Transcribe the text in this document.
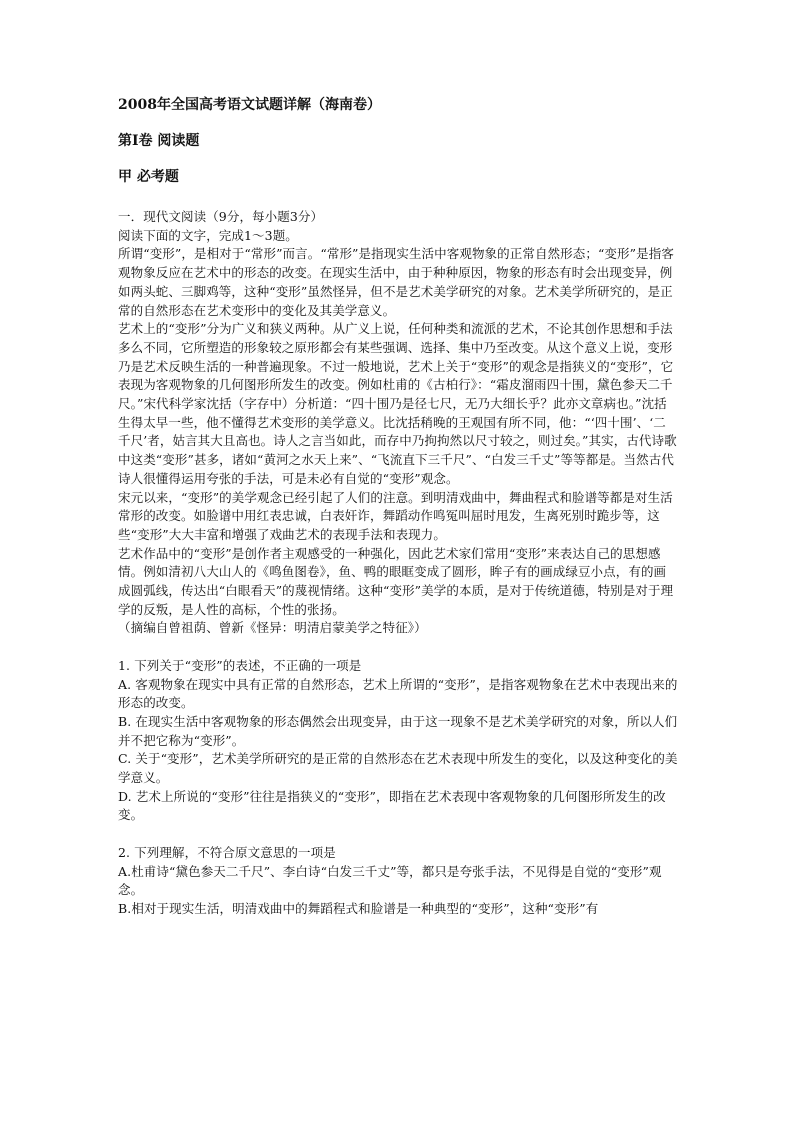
2008年全国高考语文试题详解（海南卷）
第Ⅰ卷 阅读题
甲 必考题

一．现代文阅读（9分，每小题3分）

阅读下面的文字，完成1～3题。

所谓“变形”，是相对于“常形”而言。“常形”是指现实生活中客观物象的正常自然形态；“变形”是指客观物象反应在艺术中的形态的改变。在现实生活中，由于种种原因，物象的形态有时会出现变异，例如两头蛇、三脚鸡等，这种“变形”虽然怪异，但不是艺术美学研究的对象。艺术美学所研究的，是正常的自然形态在艺术变形中的变化及其美学意义。

艺术上的“变形”分为广义和狭义两种。从广义上说，任何种类和流派的艺术，不论其创作思想和手法多么不同，它所塑造的形象较之原形都会有某些强调、选择、集中乃至改变。从这个意义上说，变形乃是艺术反映生活的一种普遍现象。不过一般地说，艺术上关于“变形”的观念是指狭义的“变形”，它表现为客观物象的几何图形所发生的改变。例如杜甫的《古柏行》：“霜皮溜雨四十围，黛色参天二千尺。”宋代科学家沈括（字存中）分析道：“四十围乃是径七尺，无乃大细长乎？此亦文章病也。”沈括生得太早一些，他不懂得艺术变形的美学意义。比沈括稍晚的王观国有所不同，他：“‘四十围’、‘二千尺’者，姑言其大且高也。诗人之言当如此，而存中乃拘拘然以尺寸较之，则过矣。”其实，古代诗歌中这类“变形”甚多，诸如“黄河之水天上来”、“飞流直下三千尺”、“白发三千丈”等等都是。当然古代诗人很懂得运用夸张的手法，可是未必有自觉的“变形”观念。

宋元以来，“变形”的美学观念已经引起了人们的注意。到明清戏曲中，舞曲程式和脸谱等都是对生活常形的改变。如脸谱中用红表忠诚，白表奸诈，舞蹈动作鸣冤叫屈时甩发，生离死别时跪步等，这些“变形”大大丰富和增强了戏曲艺术的表现手法和表现力。

艺术作品中的“变形”是创作者主观感受的一种强化，因此艺术家们常用“变形”来表达自己的思想感情。例如清初八大山人的《鸣鱼图卷》，鱼、鸭的眼眶变成了圆形，眸子有的画成绿豆小点，有的画成圆弧线，传达出“白眼看天”的蔑视情绪。这种“变形”美学的本质，是对于传统道德，特别是对于理学的反叛，是人性的高标，个性的张扬。

（摘编自曾祖荫、曾新《怪异：明清启蒙美学之特征》）

1. 下列关于“变形”的表述，不正确的一项是

A. 客观物象在现实中具有正常的自然形态，艺术上所谓的“变形”，是指客观物象在艺术中表现出来的形态的改变。

B. 在现实生活中客观物象的形态偶然会出现变异，由于这一现象不是艺术美学研究的对象，所以人们并不把它称为“变形”。

C. 关于“变形”，艺术美学所研究的是正常的自然形态在艺术表现中所发生的变化，以及这种变化的美学意义。

D. 艺术上所说的“变形”往往是指狭义的“变形”，即指在艺术表现中客观物象的几何图形所发生的改变。

2. 下列理解，不符合原文意思的一项是

A.杜甫诗“黛色参天二千尺”、李白诗“白发三千丈”等，都只是夸张手法，不见得是自觉的“变形”观念。

B.相对于现实生活，明清戏曲中的舞蹈程式和脸谱是一种典型的“变形”，这种“变形”有
